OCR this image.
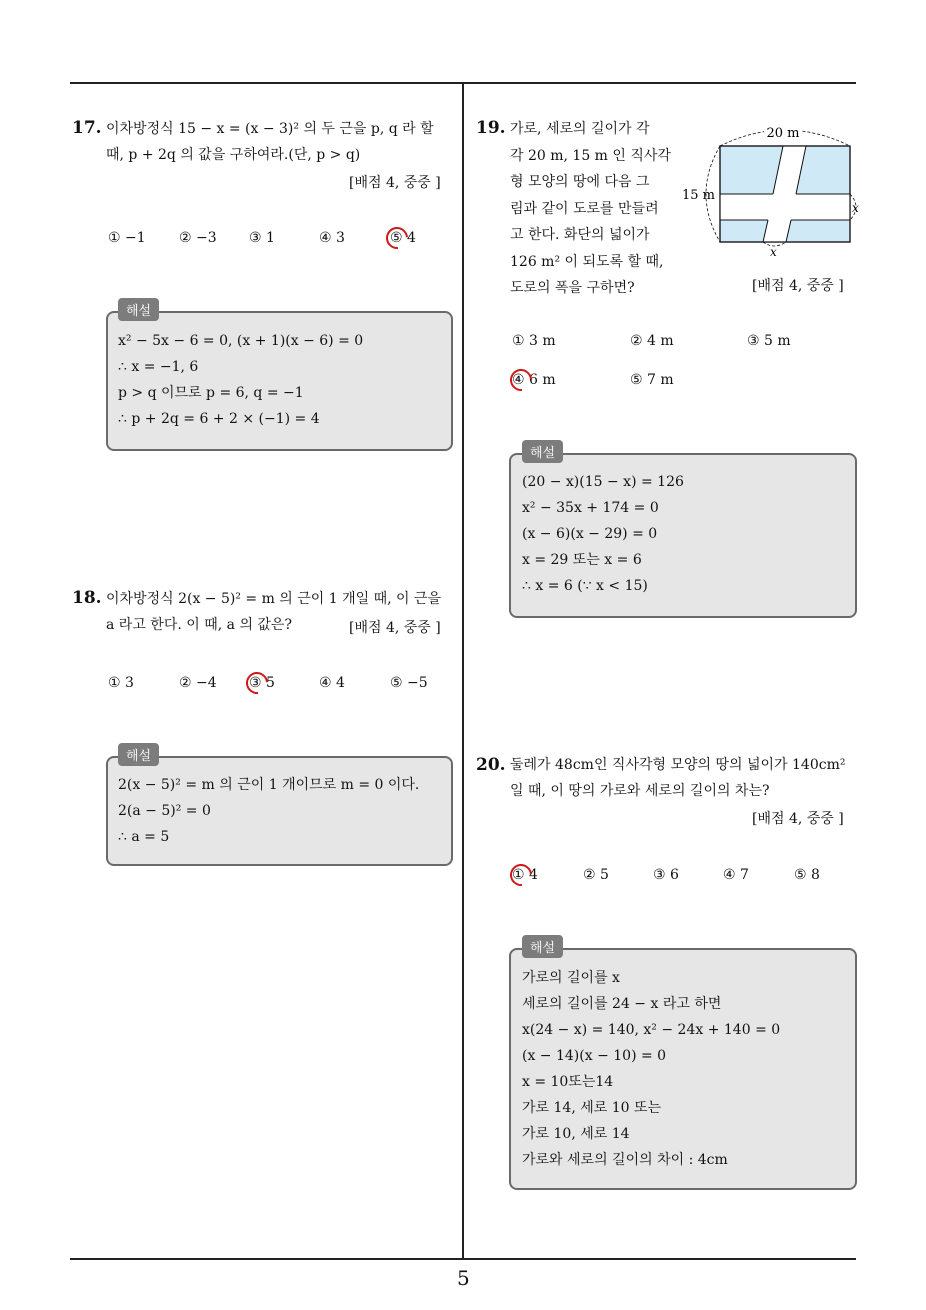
17. 이차방정식 15 − x = (x − 3)² 의 두 근을 p, q 라 할
때, p + 2q 의 값을 구하여라.(단, p > q)
[배점 4, 중중 ]
① −1 ② −3 ③ 1	④ 3	⑤ 4
해설
x² − 5x − 6 = 0, (x + 1)(x − 6) = 0
∴ x = −1, 6
p > q 이므로 p = 6, q = −1
∴ p + 2q = 6 + 2 × (−1) = 4
18. 이차방정식 2(x − 5)² = m 의 근이 1 개일 때, 이 근을
a 라고 한다. 이 때, a 의 값은?	[배점 4, 중중 ]
① 3	② −4 ③ 5	④ 4	⑤ −5
해설
2(x − 5)² = m 의 근이 1 개이므로 m = 0 이다.
2(a − 5)² = 0
∴ a = 5
19. 가로, 세로의 길이가 각
각 20 m, 15 m 인 직사각
형 모양의 땅에 다음 그
림과 같이 도로를 만들려
고 한다. 화단의 넓이가
126 m² 이 되도록 할 때,
도로의 폭을 구하면?
20 m
15 m
x
x
[배점 4, 중중 ]
① 3 m	② 4 m	③ 5 m
④ 6 m	⑤ 7 m
해설
(20 − x)(15 − x) = 126
x² − 35x + 174 = 0
(x − 6)(x − 29) = 0
x = 29 또는 x = 6
∴ x = 6 (∵ x < 15)
20. 둘레가 48cm인 직사각형 모양의 땅의 넓이가 140cm²
일 때, 이 땅의 가로와 세로의 길이의 차는?
[배점 4, 중중 ]
① 4	② 5	③ 6	④ 7	⑤ 8
해설
가로의 길이를 x
세로의 길이를 24 − x 라고 하면
x(24 − x) = 140, x² − 24x + 140 = 0
(x − 14)(x − 10) = 0
x = 10또는14
가로 14, 세로 10 또는
가로 10, 세로 14
가로와 세로의 길이의 차이 : 4cm
5
